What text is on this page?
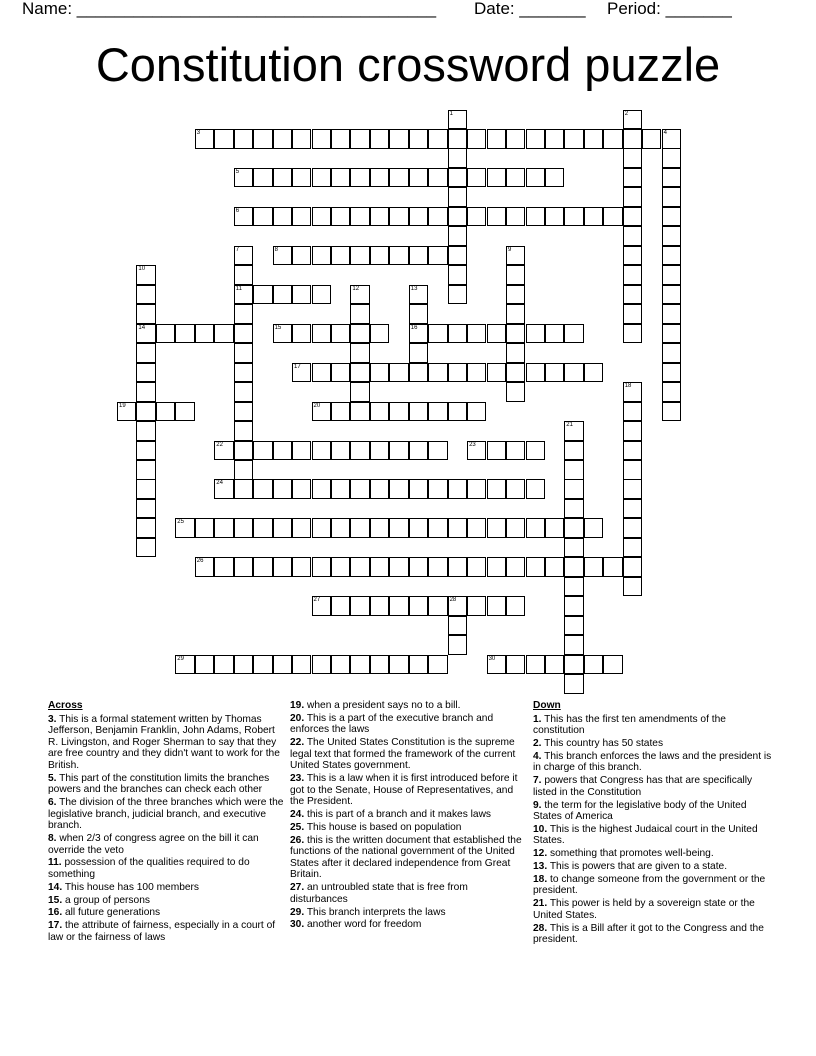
Name: ______________________________________ Date: _______ Period: _______
Constitution crossword puzzle
1	2
3	4
5
6
7
11
8	9
10
14
12	13
16
15
17
18
19	20
21
22	23
24
25
26
27	28
29	30
Across
3. This is a formal statement written by Thomas Jefferson, Benjamin Franklin, John Adams, Robert R. Livingston, and Roger Sherman to say that they are free country and they didn't want to work for the British.
5. This part of the constitution limits the branches powers and the branches can check each other
6. The division of the three branches which were the legislative branch, judicial branch, and executive branch.
8. when 2/3 of congress agree on the bill it can override the veto
11. possession of the qualities required to do something
14. This house has 100 members
15. a group of persons
16. all future generations
17. the attribute of fairness, especially in a court of law or the fairness of laws
19. when a president says no to a bill.
20. This is a part of the executive branch and enforces the laws
22. The United States Constitution is the supreme legal text that formed the framework of the current United States government.
23. This is a law when it is first introduced before it got to the Senate, House of Representatives, and the President.
24. this is part of a branch and it makes laws
25. This house is based on population
26. this is the written document that established the functions of the national government of the United States after it declared independence from Great Britain.
27. an untroubled state that is free from disturbances
29. This branch interprets the laws
30. another word for freedom
Down
1. This has the first ten amendments of the constitution
2. This country has 50 states
4. This branch enforces the laws and the president is in charge of this branch.
7. powers that Congress has that are specifically listed in the Constitution
9. the term for the legislative body of the United States of America
10. This is the highest Judaical court in the United States.
12. something that promotes well-being.
13. This is powers that are given to a state.
18. to change someone from the government or the president.
21. This power is held by a sovereign state or the United States.
28. This is a Bill after it got to the Congress and the president.
